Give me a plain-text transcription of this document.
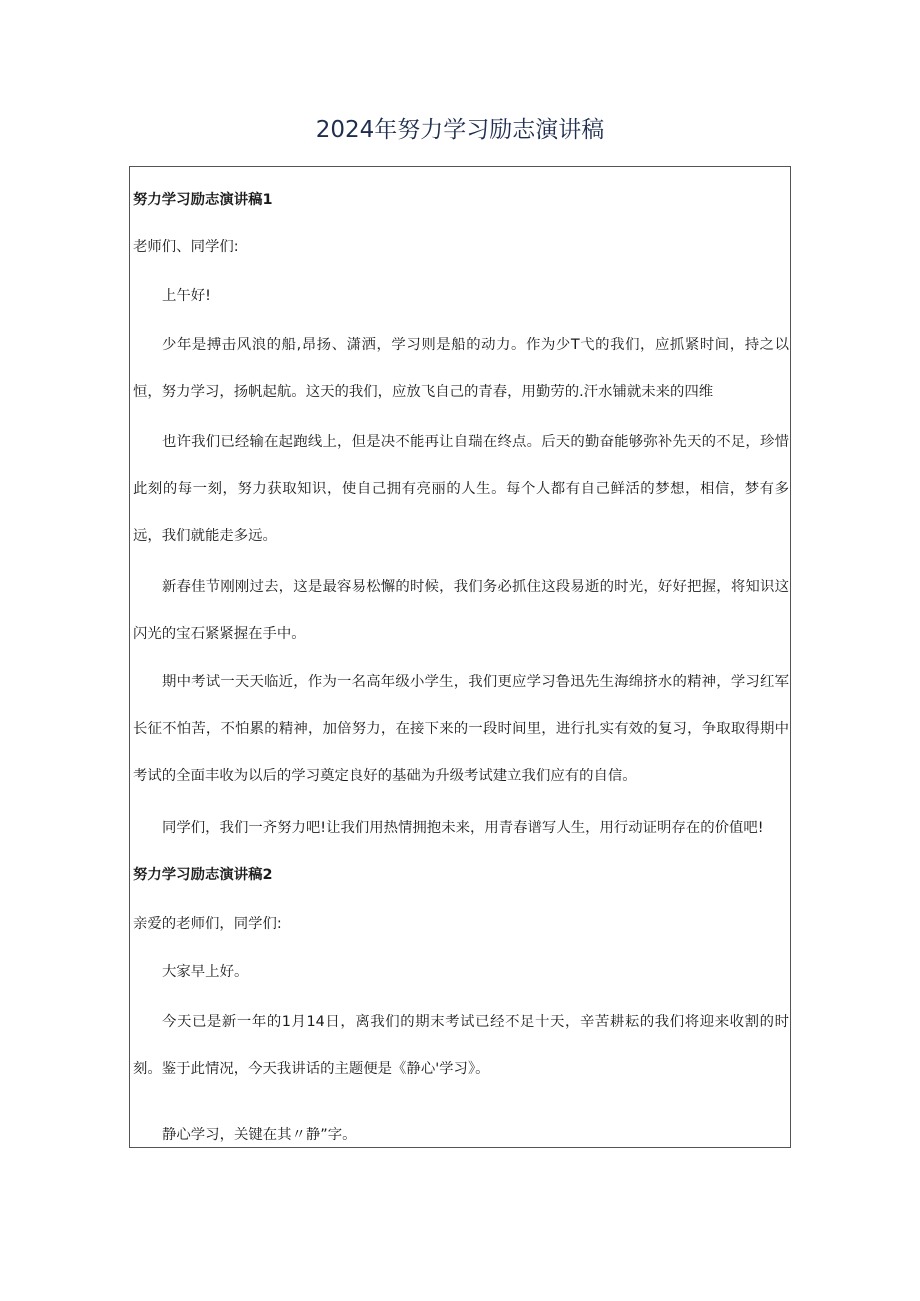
2024年努力学习励志演讲稿

努力学习励志演讲稿1

老师们、同学们:

上午好!

少年是搏击风浪的船,昂扬、潇洒，学习则是船的动力。作为少T弋的我们，应抓紧时间，持之以恒，努力学习，扬帆起航。这天的我们，应放飞自己的青春，用勤劳的.汗水铺就未来的四维

也许我们已经输在起跑线上，但是决不能再让自瑞在终点。后天的勤奋能够弥补先天的不足，珍惜此刻的每一刻，努力获取知识，使自己拥有亮丽的人生。每个人都有自己鲜活的梦想，相信，梦有多远，我们就能走多远。

新春佳节刚刚过去，这是最容易松懈的时候，我们务必抓住这段易逝的时光，好好把握，将知识这闪光的宝石紧紧握在手中。

期中考试一天天临近，作为一名高年级小学生，我们更应学习鲁迅先生海绵挤水的精神，学习红军长征不怕苦，不怕累的精神，加倍努力，在接下来的一段时间里，进行扎实有效的复习，争取取得期中考试的全面丰收为以后的学习奠定良好的基础为升级考试建立我们应有的自信。

同学们，我们一齐努力吧!让我们用热情拥抱未来，用青春谱写人生，用行动证明存在的价值吧!

努力学习励志演讲稿2

亲爱的老师们，同学们:

大家早上好。

今天已是新一年的1月14日，离我们的期末考试已经不足十天，辛苦耕耘的我们将迎来收割的时刻。鉴于此情况，今天我讲话的主题便是《静心'学习》。

静心学习，关键在其〃静”字。
